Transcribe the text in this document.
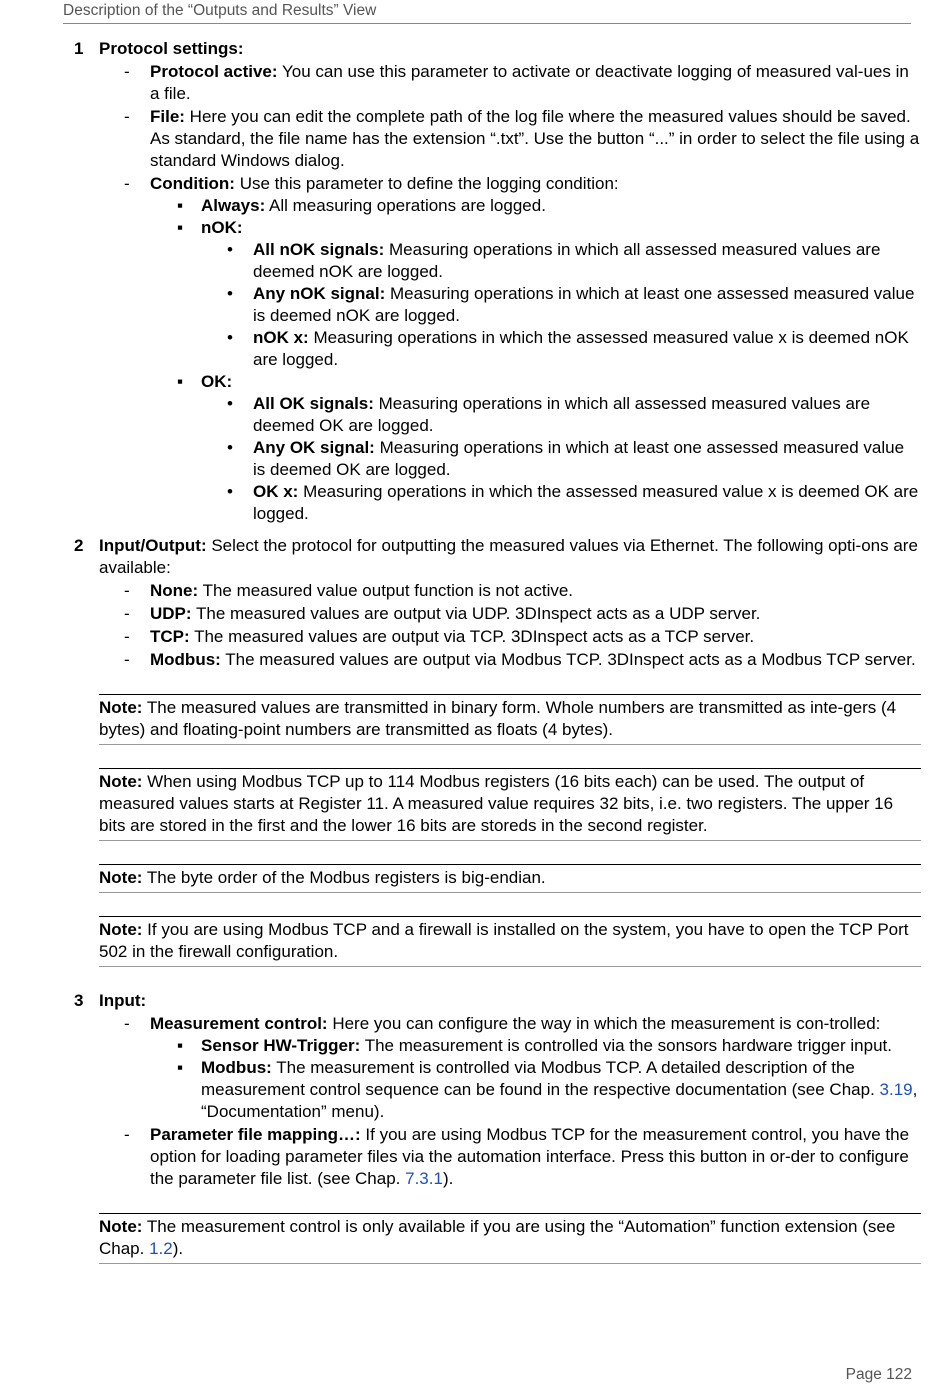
Description of the “Outputs and Results” View
1 Protocol settings:
- Protocol active: You can use this parameter to activate or deactivate logging of measured val-ues in a file.
- File: Here you can edit the complete path of the log file where the measured values should be saved. As standard, the file name has the extension “.txt”. Use the button “...” in order to select the file using a standard Windows dialog.
- Condition: Use this parameter to define the logging condition:
▪ Always: All measuring operations are logged.
▪ nOK:
• All nOK signals: Measuring operations in which all assessed measured values are deemed nOK are logged.
• Any nOK signal: Measuring operations in which at least one assessed measured value is deemed nOK are logged.
• nOK x: Measuring operations in which the assessed measured value x is deemed nOK are logged.
▪ OK:
• All OK signals: Measuring operations in which all assessed measured values are deemed OK are logged.
• Any OK signal: Measuring operations in which at least one assessed measured value is deemed OK are logged.
• OK x: Measuring operations in which the assessed measured value x is deemed OK are logged.
2 Input/Output: Select the protocol for outputting the measured values via Ethernet. The following opti-ons are available:
- None: The measured value output function is not active.
- UDP: The measured values are output via UDP. 3DInspect acts as a UDP server.
- TCP: The measured values are output via TCP. 3DInspect acts as a TCP server.
- Modbus: The measured values are output via Modbus TCP. 3DInspect acts as a Modbus TCP server.
Note: The measured values are transmitted in binary form. Whole numbers are transmitted as inte-gers (4 bytes) and floating-point numbers are transmitted as floats (4 bytes).
Note: When using Modbus TCP up to 114 Modbus registers (16 bits each) can be used. The output of measured values starts at Register 11. A measured value requires 32 bits, i.e. two registers. The upper 16 bits are stored in the first and the lower 16 bits are storeds in the second register.
Note: The byte order of the Modbus registers is big-endian.
Note: If you are using Modbus TCP and a firewall is installed on the system, you have to open the TCP Port 502 in the firewall configuration.
3 Input:
- Measurement control: Here you can configure the way in which the measurement is con-trolled:
▪ Sensor HW-Trigger: The measurement is controlled via the sonsors hardware trigger input.
▪ Modbus: The measurement is controlled via Modbus TCP. A detailed description of the measurement control sequence can be found in the respective documentation (see Chap. 3.19, “Documentation” menu).
- Parameter file mapping…: If you are using Modbus TCP for the measurement control, you have the option for loading parameter files via the automation interface. Press this button in or-der to configure the parameter file list. (see Chap. 7.3.1).
Note: The measurement control is only available if you are using the “Automation” function extension (see Chap. 1.2).
Page 122
